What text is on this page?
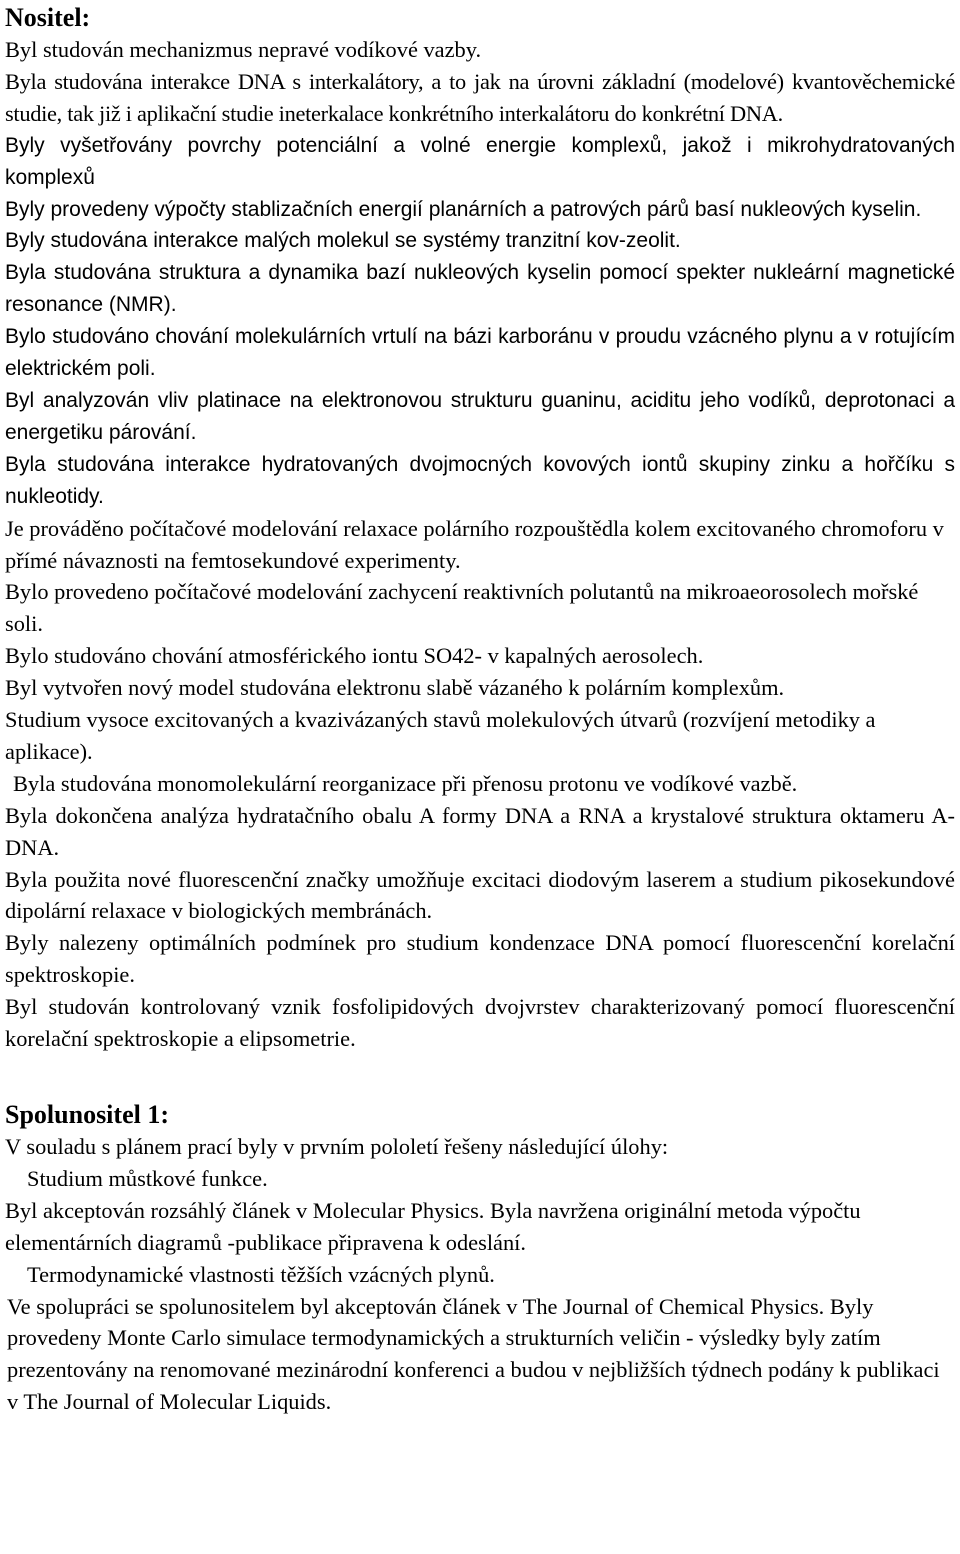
Nositel:

Byl studován mechanizmus nepravé vodíkové vazby.

Byla studována interakce DNA s interkalátory, a to jak na úrovni základní (modelové) kvantověchemické studie, tak již i aplikační studie ineterkalace konkrétního interkalátoru do konkrétní DNA.

Byly vyšetřovány povrchy potenciální a volné energie komplexů, jakož i mikrohydratovaných komplexů

Byly provedeny výpočty stablizačních energií planárních a patrových párů basí nukleových kyselin.

Byly studována interakce malých molekul se systémy tranzitní kov-zeolit.

Byla studována struktura a dynamika bazí nukleových kyselin pomocí spekter nukleární magnetické resonance (NMR).

Bylo studováno chování molekulárních vrtulí na bázi karboránu v proudu vzácného plynu a v rotujícím elektrickém poli.

Byl analyzován vliv platinace na elektronovou strukturu guaninu, aciditu jeho vodíků, deprotonaci a energetiku párování.

Byla studována interakce hydratovaných dvojmocných kovových iontů skupiny zinku a hořčíku s nukleotidy.

Je prováděno počítačové modelování relaxace polárního rozpouštědla kolem excitovaného chromoforu v přímé návaznosti na femtosekundové experimenty.

Bylo provedeno počítačové modelování zachycení reaktivních polutantů na mikroaeorosolech mořské soli.

Bylo studováno chování atmosférického iontu SO42- v kapalných aerosolech.

Byl vytvořen nový model studována elektronu slabě vázaného k polárním komplexům.

Studium vysoce excitovaných a kvazivázaných stavů molekulových útvarů (rozvíjení metodiky a aplikace).

Byla studována monomolekulární reorganizace při přenosu protonu ve vodíkové vazbě.

Byla dokončena analýza hydratačního obalu A formy DNA a RNA a krystalové struktura oktameru A-DNA.

Byla použita nové fluorescenční značky umožňuje excitaci diodovým laserem a studium pikosekundové dipolární relaxace v biologických membránách.

Byly nalezeny optimálních podmínek pro studium kondenzace DNA pomocí fluorescenční korelační spektroskopie.

Byl studován kontrolovaný vznik fosfolipidových dvojvrstev charakterizovaný pomocí fluorescenční korelační spektroskopie a elipsometrie.

Spolunositel 1:

V souladu s plánem prací byly v prvním pololetí řešeny následující úlohy:

Studium můstkové funkce.

Byl akceptován rozsáhlý článek v Molecular Physics. Byla navržena originální metoda výpočtu elementárních diagramů -publikace připravena k odeslání.

Termodynamické vlastnosti těžších vzácných plynů.

Ve spolupráci se spolunositelem byl akceptován článek v The Journal of Chemical Physics. Byly provedeny Monte Carlo simulace termodynamických a strukturních veličin - výsledky byly zatím prezentovány na renomované mezinárodní konferenci a budou v nejbližších týdnech podány k publikaci v The Journal of Molecular Liquids.
